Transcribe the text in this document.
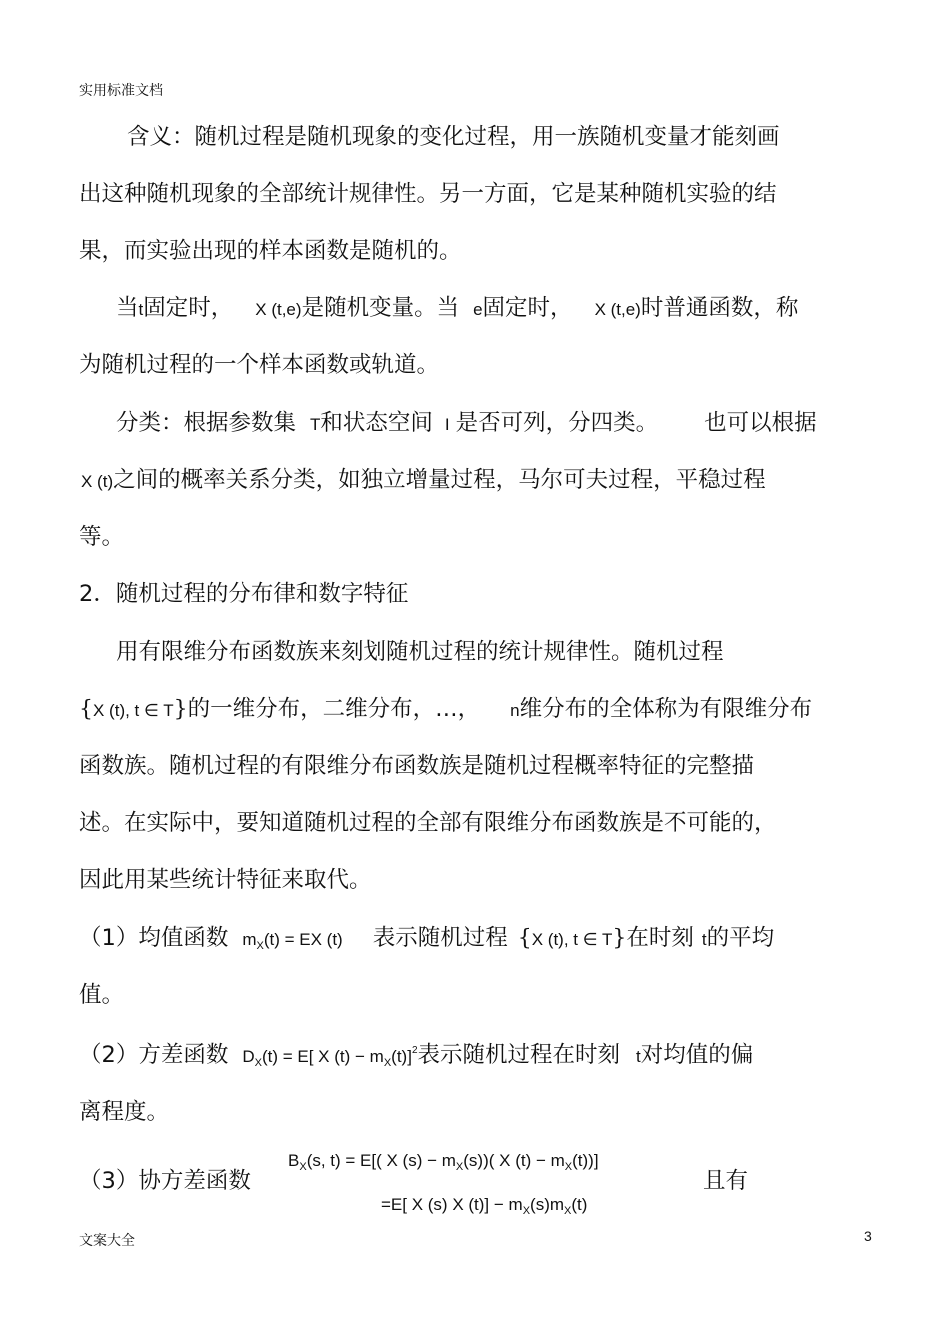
实用标准文档
含义：随机过程是随机现象的变化过程，用一族随机变量才能刻画
出这种随机现象的全部统计规律性。另一方面，它是某种随机实验的结
果，而实验出现的样本函数是随机的。
当t固定时， X (t,e)是随机变量。当 e固定时， X (t,e)时普通函数，称
为随机过程的一个样本函数或轨道。
分类：根据参数集 T和状态空间 I 是否可列，分四类。 也可以根据
X (t)之间的概率关系分类，如独立增量过程，马尔可夫过程，平稳过程
等。
2．随机过程的分布律和数字特征
用有限维分布函数族来刻划随机过程的统计规律性。随机过程
{X (t), t ∈ T}的一维分布，二维分布，…， n维分布的全体称为有限维分布
函数族。随机过程的有限维分布函数族是随机过程概率特征的完整描
述。在实际中，要知道随机过程的全部有限维分布函数族是不可能的，
因此用某些统计特征来取代。
（1）均值函数 mX(t) = EX (t) 表示随机过程 {X (t), t ∈ T}在时刻 t的平均
值。
（2）方差函数 DX(t) = E[ X (t) − mX(t)]$^2$表示随机过程在时刻 t对均值的偏
离程度。
（3）协方差函数
$B_X(s$, t) = E[( X $(s) - m_X(s)$)( X $(t) - m_X(t)$)]
=E[ X (s) X $(t)] - m_X(s)m_X(t)$
且有
文案大全	3
